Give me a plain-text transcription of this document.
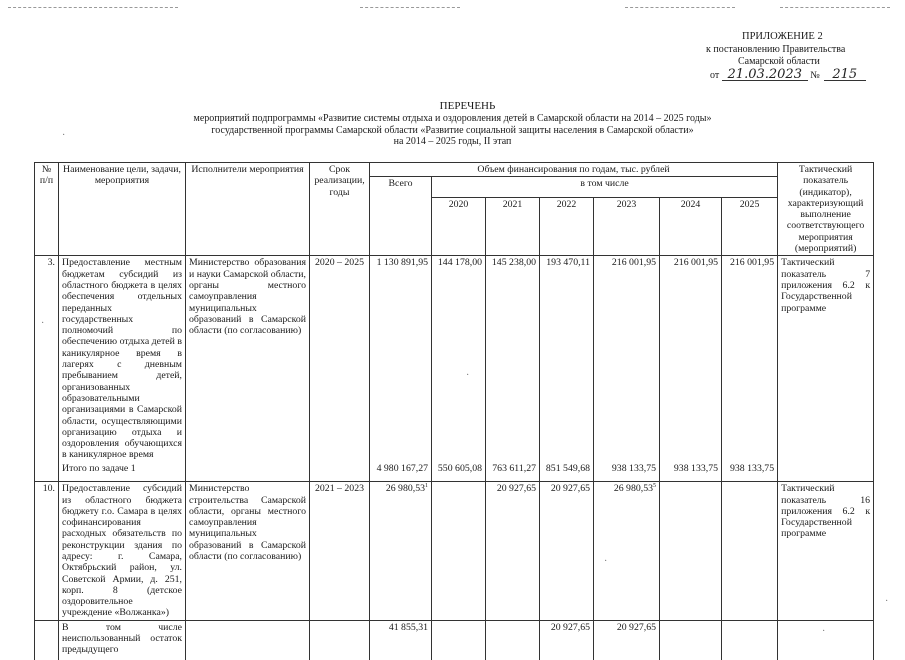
ПРИЛОЖЕНИЕ 2
к постановлению Правительства
Самарской области
от 21.03.2023 № 215
ПЕРЕЧЕНЬ
мероприятий подпрограммы «Развитие системы отдыха и оздоровления детей в Самарской области на 2014 – 2025 годы»
государственной программы Самарской области «Развитие социальной защиты населения в Самарской области»
на 2014 – 2025 годы, II этап
·
·
·
·
·
·
№ п/п	Наименование цели, задачи, мероприятия	Исполнители мероприятия	Срок реализации, годы	Объем финансирования по годам, тыс. рублей							Тактический показатель (индикатор), характеризующий выполнение соответствующего мероприятия (мероприятий)
				Всего	в том числе						
					2020	2021	2022	2023	2024	2025	
3.	Предоставление местным бюджетам субсидий из областного бюджета в целях обеспечения отдельных переданных государственных полномочий по обеспечению отдыха детей в каникулярное время в лагерях с дневным пребыванием детей, организованных образовательными организациями в Самарской области, осуществляющими организацию отдыха и оздоровления обучающихся в каникулярное время	Министерство образования и науки Самарской области, органы местного самоуправления муниципальных образований в Самарской области (по согласованию)	2020 – 2025	1 130 891,95	144 178,00	145 238,00	193 470,11	216 001,95	216 001,95	216 001,95	Тактический показатель 7 приложения 6.2 к Государственной программе
	Итого по задаче 1			4 980 167,27	550 605,08	763 611,27	851 549,68	938 133,75	938 133,75	938 133,75	
10.	Предоставление субсидий из областного бюджета бюджету г.о. Самара в целях софинансирования расходных обязательств по реконструкции здания по адресу: г. Самара, Октябрьский район, ул. Советской Армии, д. 251, корп. 8 (детское оздоровительное учреждение «Волжанка»)	Министерство строительства Самарской области, органы местного самоуправления муниципальных образований в Самарской области (по согласованию)	2021 – 2023	26 980,53$^1$		20 927,65	20 927,65	26 980,53$^5$			Тактический показатель 16 приложения 6.2 к Государственной программе
	В том числе неиспользованный остаток предыдущего			41 855,31			20 927,65	20 927,65			
